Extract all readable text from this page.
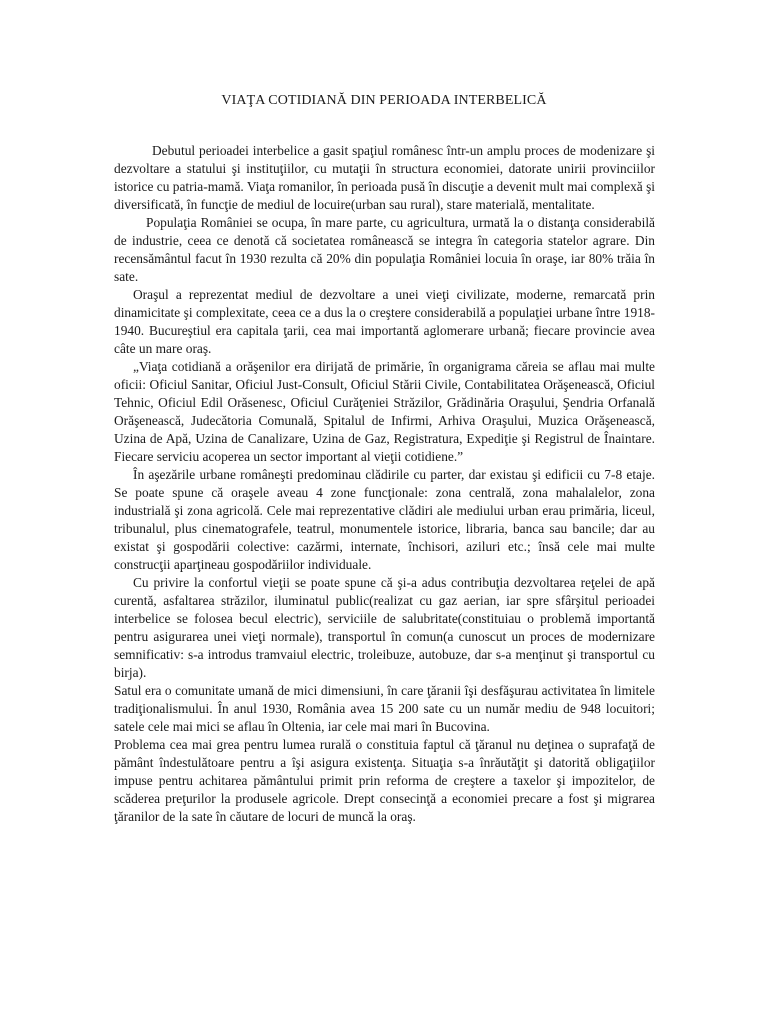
VIAŢA COTIDIANĂ DIN PERIOADA INTERBELICĂ

Debutul perioadei interbelice a gasit spaţiul românesc într-un amplu proces de modenizare şi dezvoltare a statului şi instituţiilor, cu mutaţii în structura economiei, datorate unirii provinciilor istorice cu patria-mamă. Viaţa romanilor, în perioada pusă în discuţie a devenit mult mai complexă şi diversificată, în funcţie de mediul de locuire(urban sau rural), stare materială, mentalitate.

Populaţia României se ocupa, în mare parte, cu agricultura, urmată la o distanţa considerabilă de industrie, ceea ce denotă că societatea românească se integra în categoria statelor agrare. Din recensământul facut în 1930 rezulta că 20% din populaţia României locuia în oraşe, iar 80% trăia în sate.

Oraşul a reprezentat mediul de dezvoltare a unei vieţi civilizate, moderne, remarcată prin dinamicitate şi complexitate, ceea ce a dus la o creştere considerabilă a populaţiei urbane între 1918-1940. Bucureştiul era capitala ţarii, cea mai importantă aglomerare urbană; fiecare provincie avea câte un mare oraş.

„Viaţa cotidiană a orăşenilor era dirijată de primărie, în organigrama căreia se aflau mai multe oficii: Oficiul Sanitar, Oficiul Just-Consult, Oficiul Stării Civile, Contabilitatea Orăşenească, Oficiul Tehnic, Oficiul Edil Orăsenesc, Oficiul Curăţeniei Străzilor, Grădinăria Oraşului, Şendria Orfanală Orăşenească, Judecătoria Comunală, Spitalul de Infirmi, Arhiva Oraşului, Muzica Orăşenească, Uzina de Apă, Uzina de Canalizare, Uzina de Gaz, Registratura, Expediţie şi Registrul de Înaintare. Fiecare serviciu acoperea un sector important al vieţii cotidiene.”

În aşezările urbane româneşti predominau clădirile cu parter, dar existau şi edificii cu 7-8 etaje. Se poate spune că oraşele aveau 4 zone funcţionale: zona centrală, zona mahalalelor, zona industrială şi zona agricolă. Cele mai reprezentative clădiri ale mediului urban erau primăria, liceul, tribunalul, plus cinematografele, teatrul, monumentele istorice, libraria, banca sau bancile; dar au existat şi gospodării colective: cazărmi, internate, închisori, aziluri etc.; însă cele mai multe construcţii aparţineau gospodăriilor individuale.

Cu privire la confortul vieţii se poate spune că şi-a adus contribuţia dezvoltarea reţelei de apă curentă, asfaltarea străzilor, iluminatul public(realizat cu gaz aerian, iar spre sfârşitul perioadei interbelice se folosea becul electric), serviciile de salubritate(constituiau o problemă importantă pentru asigurarea unei vieţi normale), transportul în comun(a cunoscut un proces de modernizare semnificativ: s-a introdus tramvaiul electric, troleibuze, autobuze, dar s-a menţinut şi transportul cu birja).

Satul era o comunitate umană de mici dimensiuni, în care ţăranii îşi desfăşurau activitatea în limitele tradiţionalismului. În anul 1930, România avea 15 200 sate cu un număr mediu de 948 locuitori; satele cele mai mici se aflau în Oltenia, iar cele mai mari în Bucovina.

Problema cea mai grea pentru lumea rurală o constituia faptul că ţăranul nu deţinea o suprafaţă de pământ îndestulătoare pentru a îşi asigura existenţa. Situaţia s-a înrăutăţit şi datorită obligaţiilor impuse pentru achitarea pământului primit prin reforma de creştere a taxelor şi impozitelor, de scăderea preţurilor la produsele agricole. Drept consecinţă a economiei precare a fost şi migrarea ţăranilor de la sate în căutare de locuri de muncă la oraş.
